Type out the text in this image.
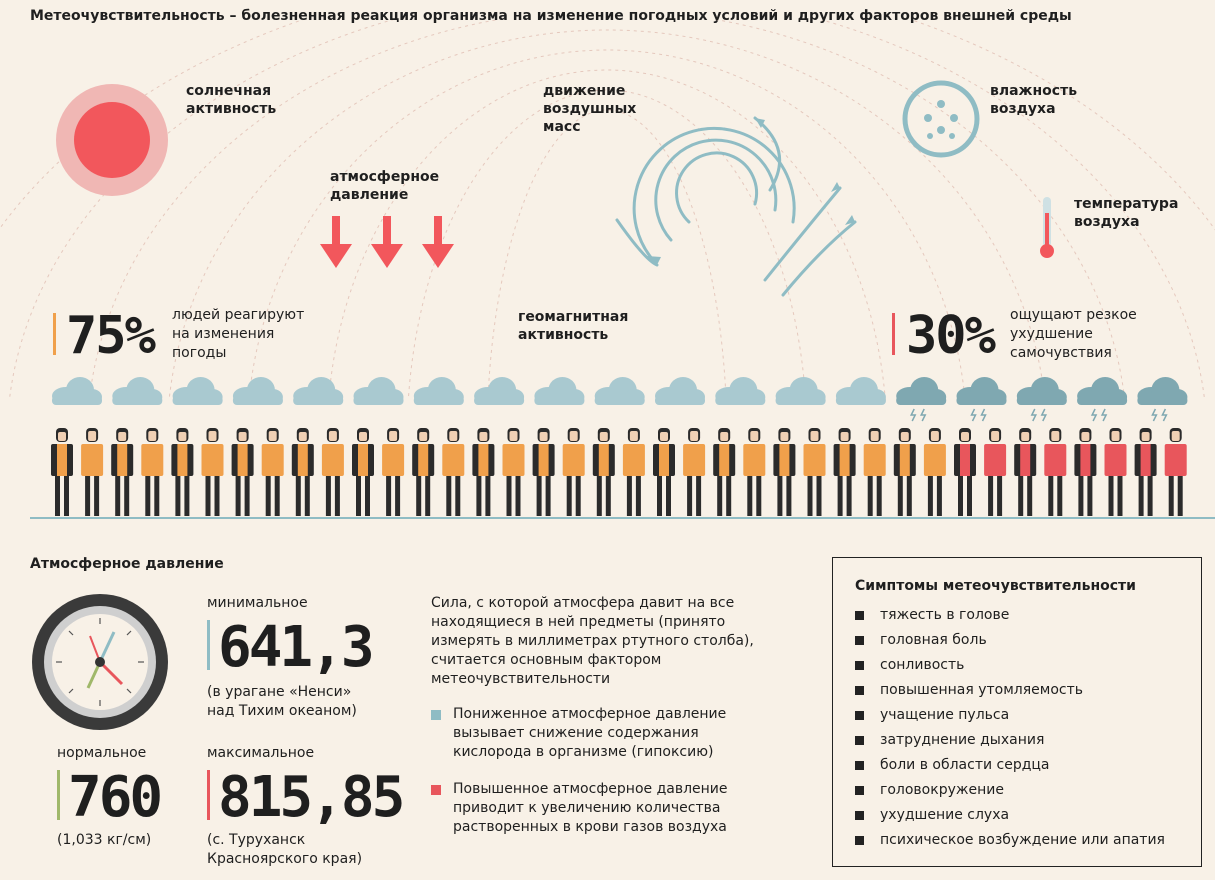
Метеочувствительность – болезненная реакция организма на изменение погодных условий и других факторов внешней среды
солнечная
активность
атмосферное
давление
движение
воздушных
масс
влажность
воздуха
температура
воздуха
геомагнитная
активность
75% людей реагируют
на изменения
погоды	30% ощущают резкое
ухудшение
самочувствия
Атмосферное давление
минимальное
641,3
(в урагане «Ненси»
над Тихим океаном)
нормальное
760
(1,033 кг/см)
максимальное
815,85
(с. Туруханск
Красноярского края)
Сила, с которой атмосфера давит на все
находящиеся в ней предметы (принято
измерять в миллиметрах ртутного столба),
считается основным фактором
метеочувствительности
Пониженное атмосферное давление
вызывает снижение содержания
кислорода в организме (гипоксию)
Повышенное атмосферное давление
приводит к увеличению количества
растворенных в крови газов воздуха
Симптомы метеочувствительности
тяжесть в голове
головная боль
сонливость
повышенная утомляемость
учащение пульса
затруднение дыхания
боли в области сердца
головокружение
ухудшение слуха
психическое возбуждение или апатия
